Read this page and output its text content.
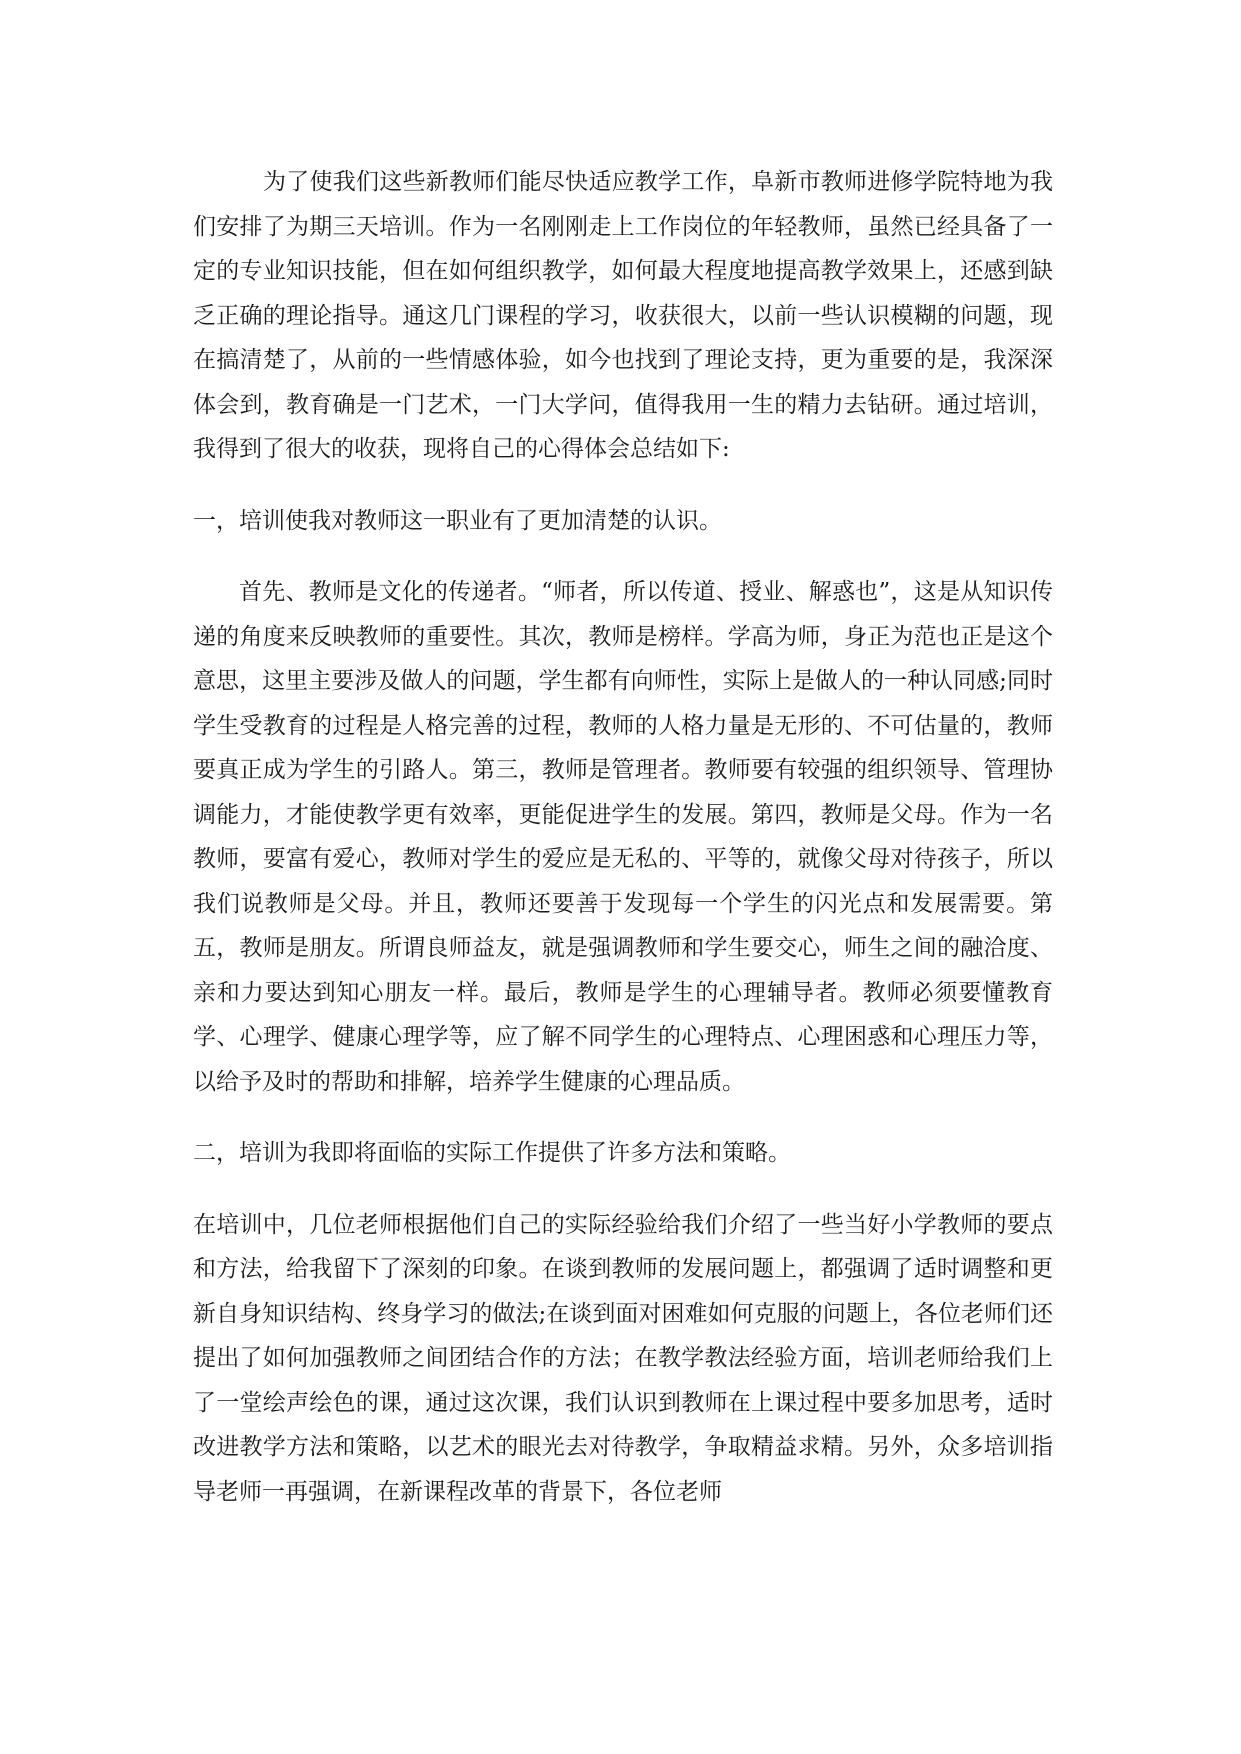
为了使我们这些新教师们能尽快适应教学工作，阜新市教师进修学院特地为我们安排了为期三天培训。作为一名刚刚走上工作岗位的年轻教师，虽然已经具备了一定的专业知识技能，但在如何组织教学，如何最大程度地提高教学效果上，还感到缺乏正确的理论指导。通这几门课程的学习，收获很大，以前一些认识模糊的问题，现在搞清楚了，从前的一些情感体验，如今也找到了理论支持，更为重要的是，我深深体会到，教育确是一门艺术，一门大学问，值得我用一生的精力去钻研。通过培训，我得到了很大的收获，现将自己的心得体会总结如下:

一，培训使我对教师这一职业有了更加清楚的认识。

首先、教师是文化的传递者。“师者，所以传道、授业、解惑也”，这是从知识传递的角度来反映教师的重要性。其次，教师是榜样。学高为师，身正为范也正是这个意思，这里主要涉及做人的问题，学生都有向师性，实际上是做人的一种认同感;同时学生受教育的过程是人格完善的过程，教师的人格力量是无形的、不可估量的，教师要真正成为学生的引路人。第三，教师是管理者。教师要有较强的组织领导、管理协调能力，才能使教学更有效率，更能促进学生的发展。第四，教师是父母。作为一名教师，要富有爱心，教师对学生的爱应是无私的、平等的，就像父母对待孩子，所以我们说教师是父母。并且，教师还要善于发现每一个学生的闪光点和发展需要。第五，教师是朋友。所谓良师益友，就是强调教师和学生要交心，师生之间的融洽度、亲和力要达到知心朋友一样。最后，教师是学生的心理辅导者。教师必须要懂教育学、心理学、健康心理学等，应了解不同学生的心理特点、心理困惑和心理压力等，以给予及时的帮助和排解，培养学生健康的心理品质。

二，培训为我即将面临的实际工作提供了许多方法和策略。

在培训中，几位老师根据他们自己的实际经验给我们介绍了一些当好小学教师的要点和方法，给我留下了深刻的印象。在谈到教师的发展问题上，都强调了适时调整和更新自身知识结构、终身学习的做法;在谈到面对困难如何克服的问题上，各位老师们还提出了如何加强教师之间团结合作的方法；在教学教法经验方面，培训老师给我们上了一堂绘声绘色的课，通过这次课，我们认识到教师在上课过程中要多加思考，适时改进教学方法和策略，以艺术的眼光去对待教学，争取精益求精。另外，众多培训指导老师一再强调，在新课程改革的背景下，各位老师
